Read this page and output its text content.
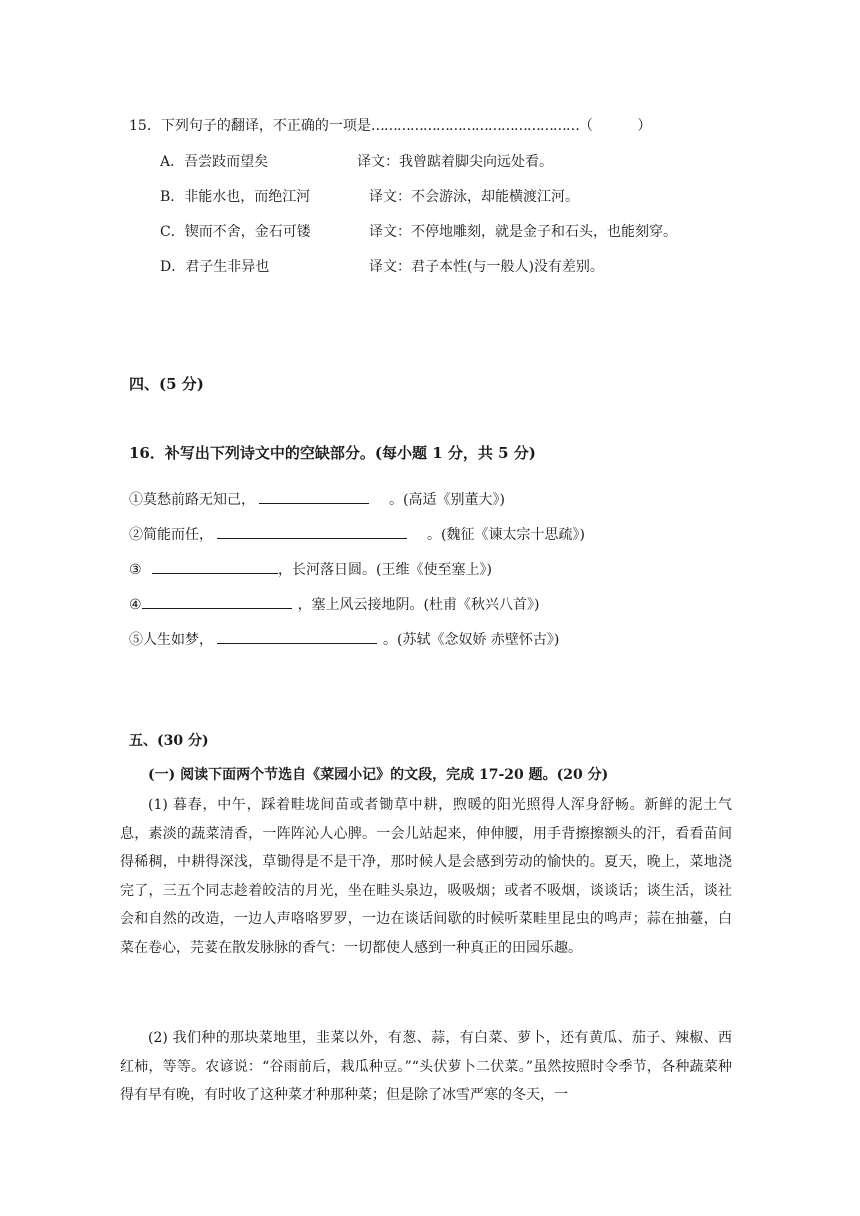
15．下列句子的翻译，不正确的一项是…………………………………………（          ）
A．吾尝跂而望矣	译文：我曾踮着脚尖向远处看。
B．非能水也，而绝江河	译文：不会游泳，却能横渡江河。
C．锲而不舍，金石可镂	译文：不停地雕刻，就是金子和石头，也能刻穿。
D．君子生非异也	译文：君子本性(与一般人)没有差别。
四、(5 分)
16．补写出下列诗文中的空缺部分。(每小题 1 分，共 5 分)
①莫愁前路无知己，	。(高适《别董大》)
②简能而任，	。(魏征《谏太宗十思疏》)
③	，长河落日圆。(王维《使至塞上》)
④	，塞上风云接地阴。(杜甫《秋兴八首》)
⑤人生如梦，	。(苏轼《念奴娇 赤壁怀古》)
五、(30 分)
(一) 阅读下面两个节选自《菜园小记》的文段，完成 17-20 题。(20 分)
(1) 暮春，中午，踩着畦垅间苗或者锄草中耕，煦暖的阳光照得人浑身舒畅。新鲜的泥土气息，素淡的蔬菜清香，一阵阵沁人心脾。一会儿站起来，伸伸腰，用手背擦擦额头的汗，看看苗间得稀稠，中耕得深浅，草锄得是不是干净，那时候人是会感到劳动的愉快的。夏天，晚上，菜地浇完了，三五个同志趁着皎洁的月光，坐在畦头泉边，吸吸烟；或者不吸烟，谈谈话；谈生活，谈社会和自然的改造，一边人声咯咯罗罗，一边在谈话间歇的时候听菜畦里昆虫的鸣声；蒜在抽薹，白菜在卷心，芫荽在散发脉脉的香气：一切都使人感到一种真正的田园乐趣。
(2) 我们种的那块菜地里，韭菜以外，有葱、蒜，有白菜、萝卜，还有黄瓜、茄子、辣椒、西红柿，等等。农谚说：“谷雨前后，栽瓜种豆。”“头伏萝卜二伏菜。”虽然按照时令季节，各种蔬菜种得有早有晚，有时收了这种菜才种那种菜；但是除了冰雪严寒的冬天，一
